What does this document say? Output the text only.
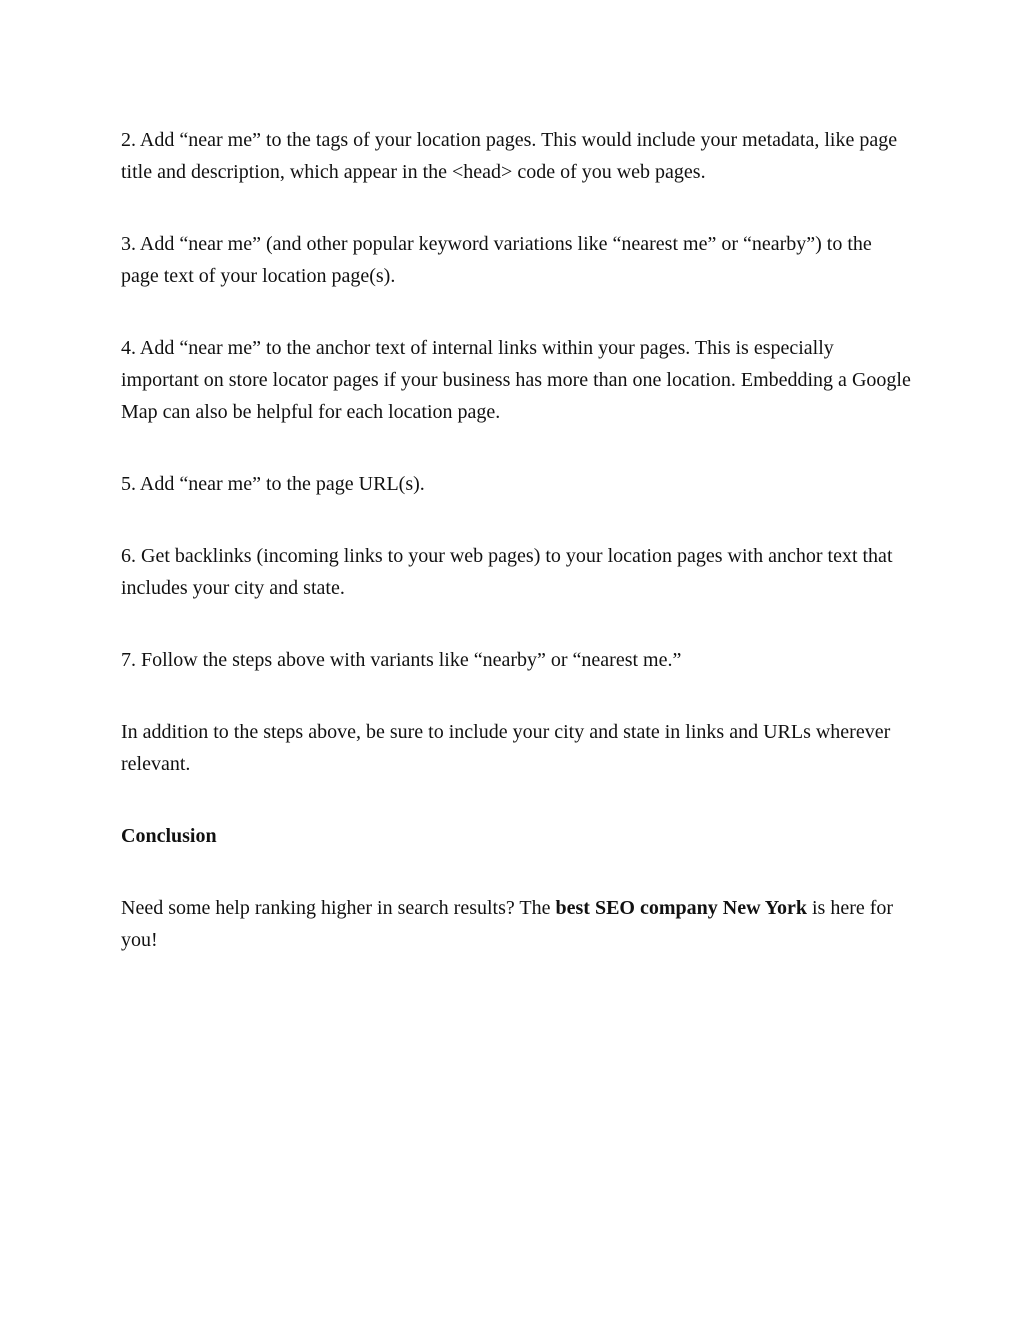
2. Add “near me” to the tags of your location pages. This would include your metadata, like page title and description, which appear in the <head> code of you web pages.

3. Add “near me” (and other popular keyword variations like “nearest me” or “nearby”) to the page text of your location page(s).

4. Add “near me” to the anchor text of internal links within your pages. This is especially important on store locator pages if your business has more than one location. Embedding a Google Map can also be helpful for each location page.

5. Add “near me” to the page URL(s).

6. Get backlinks (incoming links to your web pages) to your location pages with anchor text that includes your city and state.

7. Follow the steps above with variants like “nearby” or “nearest me.”

In addition to the steps above, be sure to include your city and state in links and URLs wherever relevant.

Conclusion

Need some help ranking higher in search results? The best SEO company New York is here for you!
